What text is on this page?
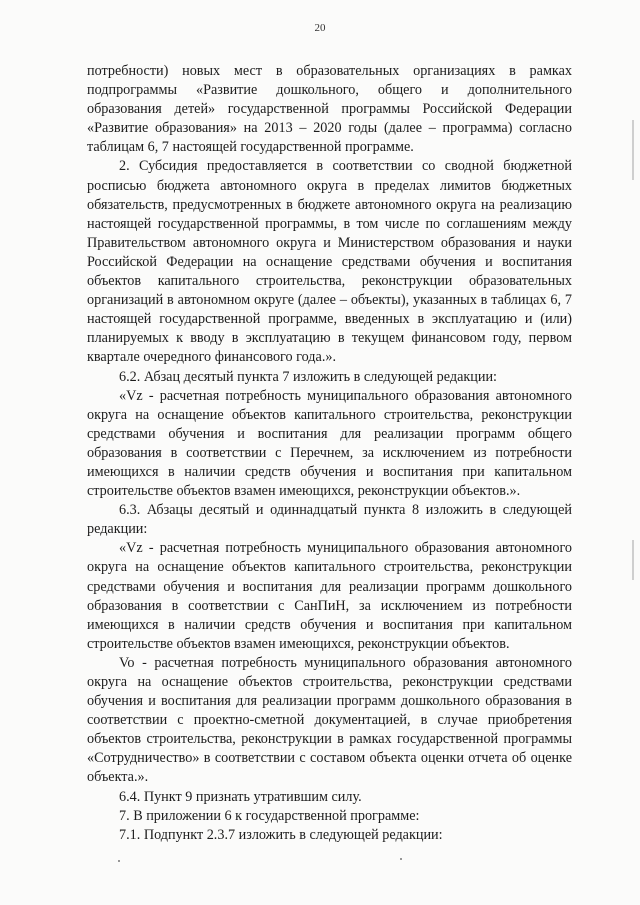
20

потребности) новых мест в образовательных организациях в рамках подпрограммы «Развитие дошкольного, общего и дополнительного образования детей» государственной программы Российской Федерации «Развитие образования» на 2013 – 2020 годы (далее – программа) согласно таблицам 6, 7 настоящей государственной программе.

2. Субсидия предоставляется в соответствии со сводной бюджетной росписью бюджета автономного округа в пределах лимитов бюджетных обязательств, предусмотренных в бюджете автономного округа на реализацию настоящей государственной программы, в том числе по соглашениям между Правительством автономного округа и Министерством образования и науки Российской Федерации на оснащение средствами обучения и воспитания объектов капитального строительства, реконструкции образовательных организаций в автономном округе (далее – объекты), указанных в таблицах 6, 7 настоящей государственной программе, введенных в эксплуатацию и (или) планируемых к вводу в эксплуатацию в текущем финансовом году, первом квартале очередного финансового года.».

6.2. Абзац десятый пункта 7 изложить в следующей редакции:

«Vz - расчетная потребность муниципального образования автономного округа на оснащение объектов капитального строительства, реконструкции средствами обучения и воспитания для реализации программ общего образования в соответствии с Перечнем, за исключением из потребности имеющихся в наличии средств обучения и воспитания при капитальном строительстве объектов взамен имеющихся, реконструкции объектов.».

6.3. Абзацы десятый и одиннадцатый пункта 8 изложить в следующей редакции:

«Vz - расчетная потребность муниципального образования автономного округа на оснащение объектов капитального строительства, реконструкции средствами обучения и воспитания для реализации программ дошкольного образования в соответствии с СанПиН, за исключением из потребности имеющихся в наличии средств обучения и воспитания при капитальном строительстве объектов взамен имеющихся, реконструкции объектов.

Vo - расчетная потребность муниципального образования автономного округа на оснащение объектов строительства, реконструкции средствами обучения и воспитания для реализации программ дошкольного образования в соответствии с проектно-сметной документацией, в случае приобретения объектов строительства, реконструкции в рамках государственной программы «Сотрудничество» в соответствии с составом объекта оценки отчета об оценке объекта.».

6.4. Пункт 9 признать утратившим силу.

7. В приложении 6 к государственной программе:

7.1. Подпункт 2.3.7 изложить в следующей редакции:
